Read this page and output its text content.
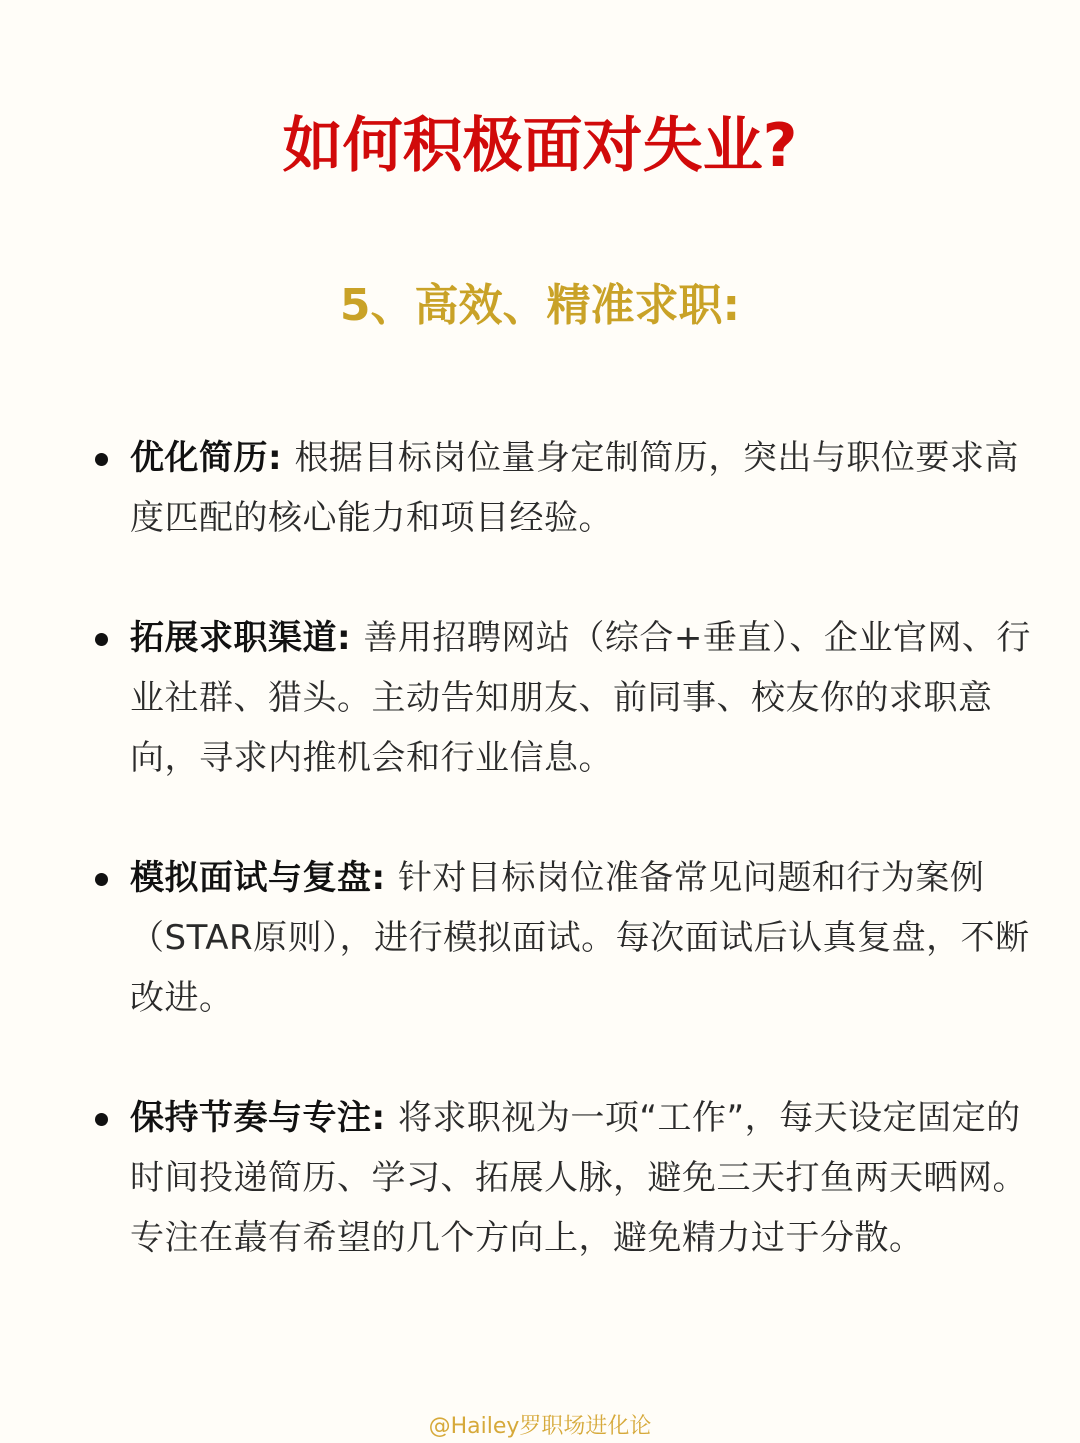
如何积极面对失业?
5、高效、精准求职:
优化简历: 根据目标岗位量身定制简历，突出与职位要求高度匹配的核心能力和项目经验。
拓展求职渠道: 善用招聘网站（综合+垂直）、企业官网、行业社群、猎头。主动告知朋友、前同事、校友你的求职意向，寻求内推机会和行业信息。
模拟面试与复盘: 针对目标岗位准备常见问题和行为案例（STAR原则），进行模拟面试。每次面试后认真复盘，不断改进。
保持节奏与专注: 将求职视为一项“工作”，每天设定固定的时间投递简历、学习、拓展人脉，避免三天打鱼两天晒网。专注在蕞有希望的几个方向上，避免精力过于分散。

@Hailey罗职场进化论
